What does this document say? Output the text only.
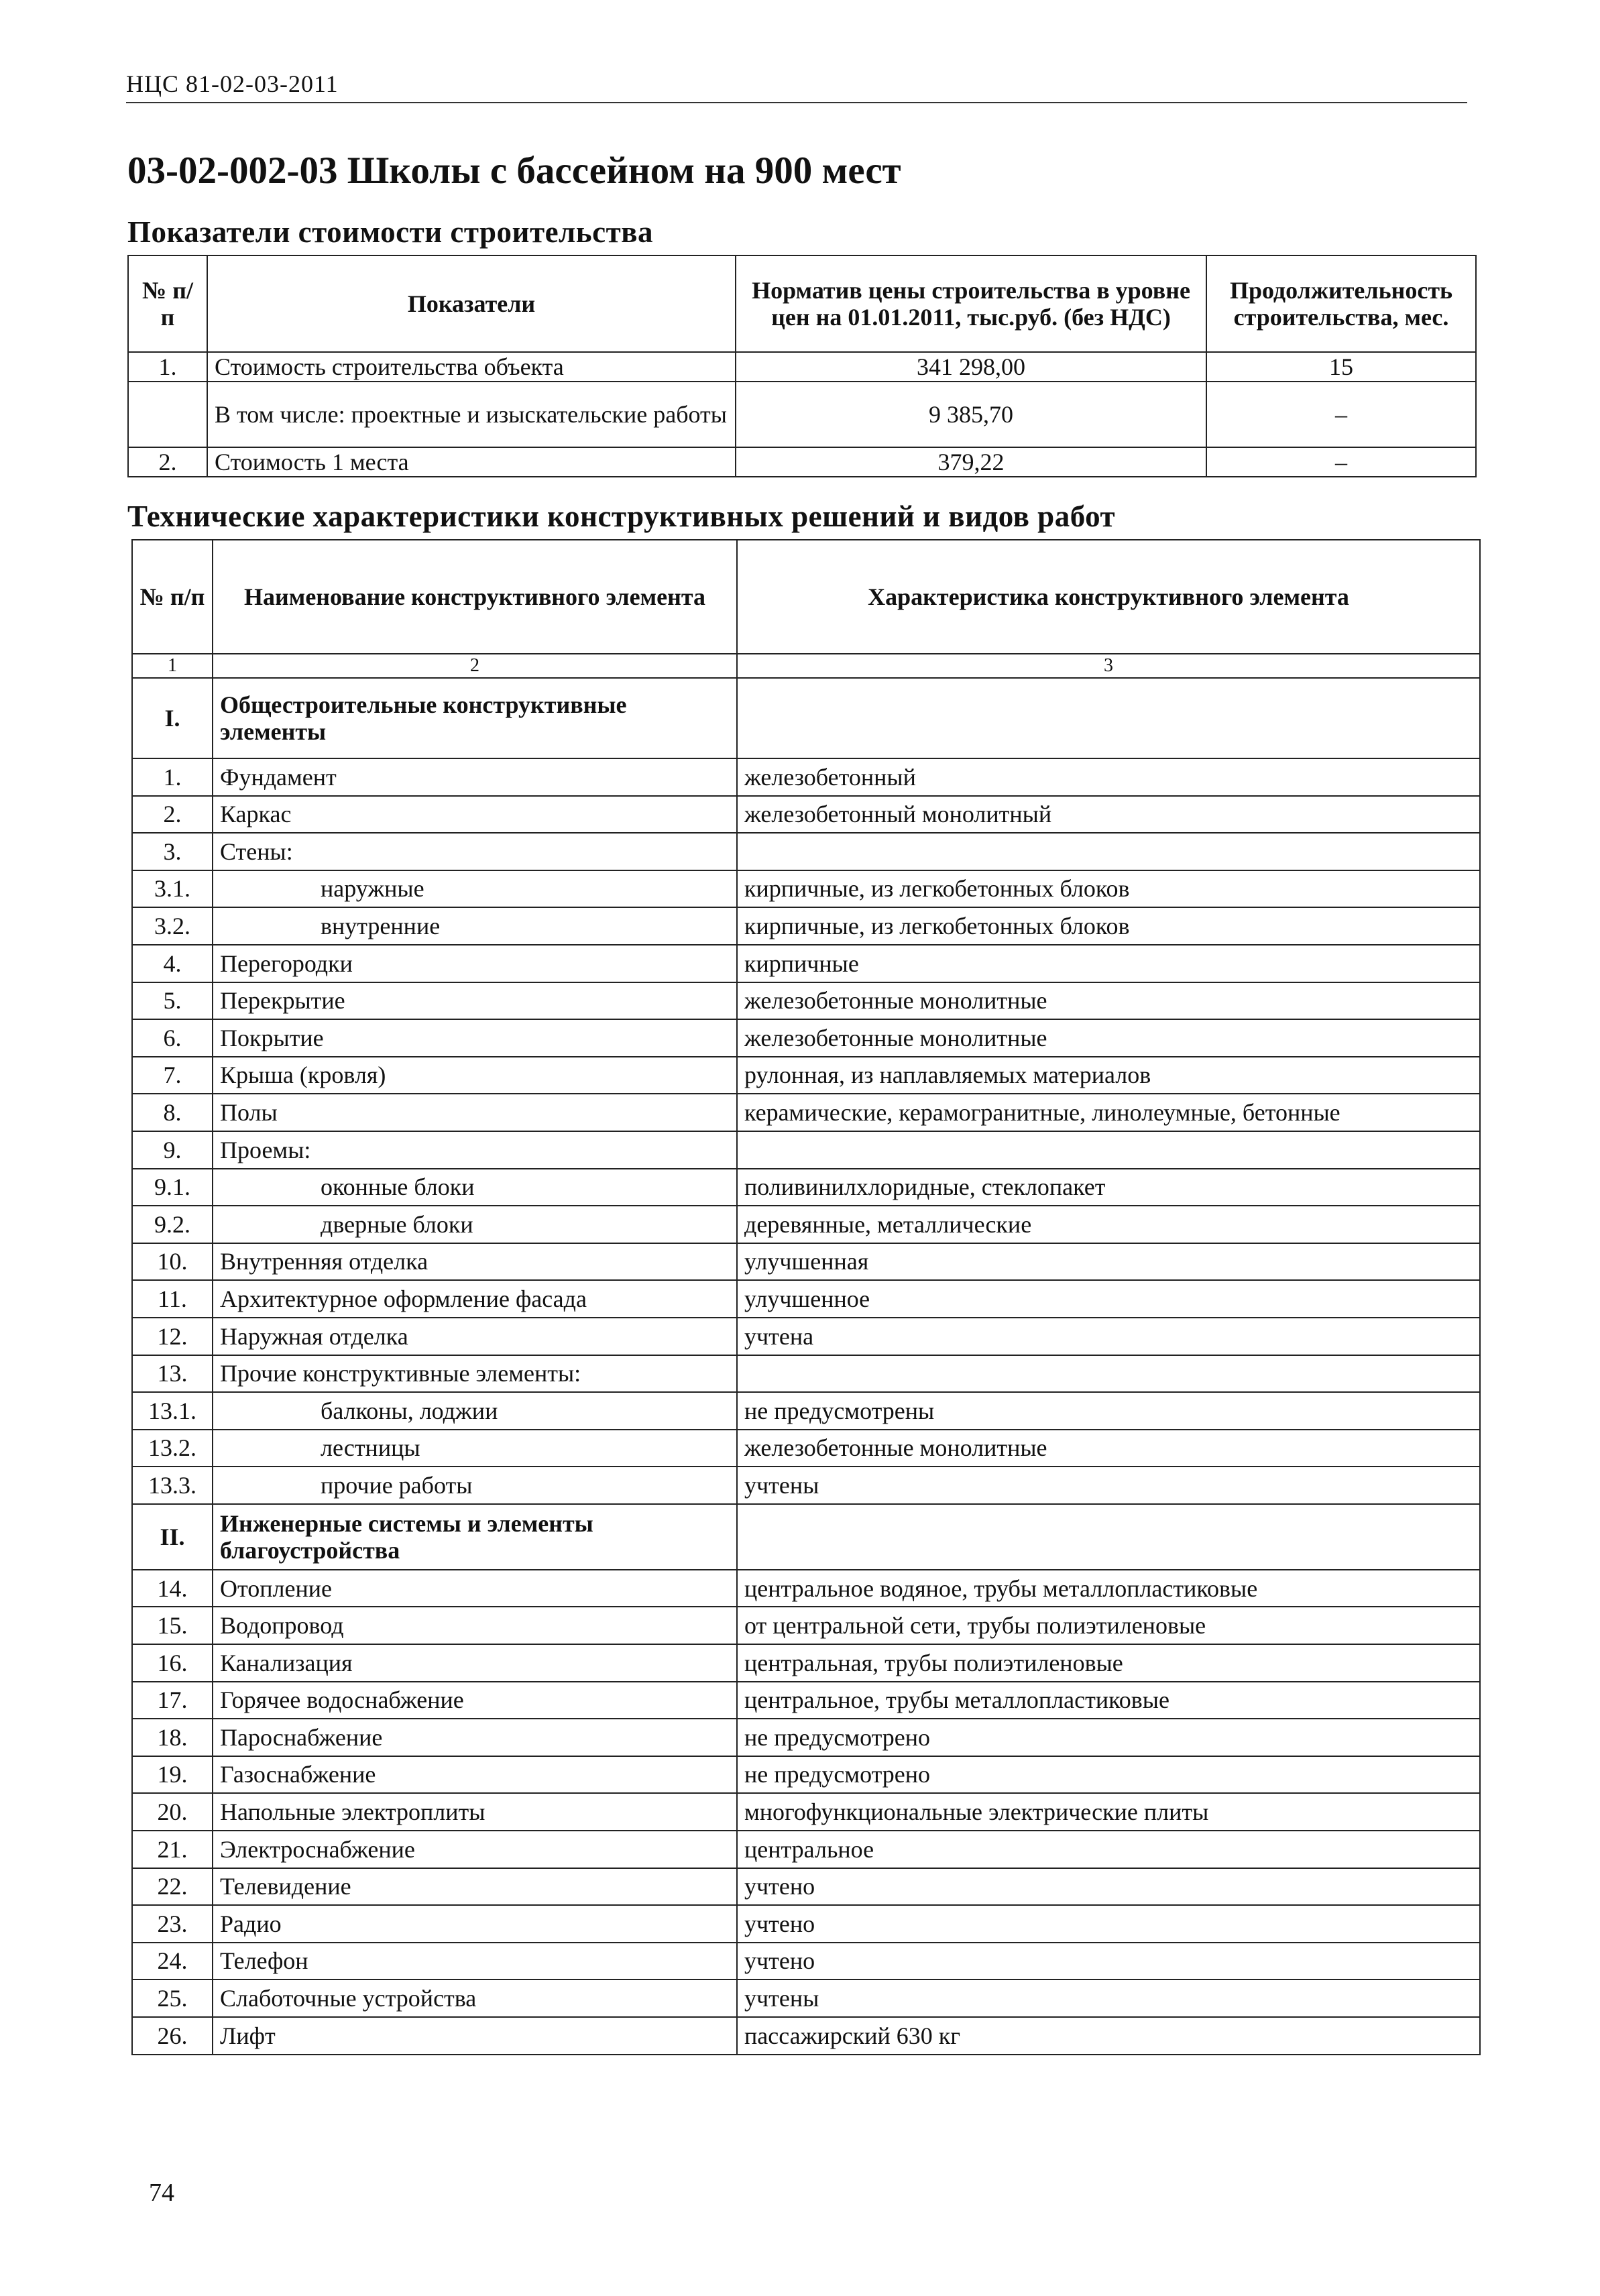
НЦС 81-02-03-2011
03-02-002-03 Школы с бассейном на 900 мест
Показатели стоимости строительства
№ п/п	Показатели	Норматив цены строительства в уровне цен на 01.01.2011, тыс.руб. (без НДС)	Продолжительность строительства, мес.
1.	Стоимость строительства объекта	341 298,00	15
	В том числе: проектные и изыскательские работы	9 385,70	–
2.	Стоимость 1 места	379,22	–
Технические характеристики конструктивных решений и видов работ
№ п/п	Наименование конструктивного элемента	Характеристика конструктивного элемента
1	2	3
I.	Общестроительные конструктивные элементы	
1.	Фундамент	железобетонный
2.	Каркас	железобетонный монолитный
3.	Стены:	
3.1.	наружные	кирпичные, из легкобетонных блоков
3.2.	внутренние	кирпичные, из легкобетонных блоков
4.	Перегородки	кирпичные
5.	Перекрытие	железобетонные монолитные
6.	Покрытие	железобетонные монолитные
7.	Крыша (кровля)	рулонная, из наплавляемых материалов
8.	Полы	керамические, керамогранитные, линолеумные, бетонные
9.	Проемы:	
9.1.	оконные блоки	поливинилхлоридные, стеклопакет
9.2.	дверные блоки	деревянные, металлические
10.	Внутренняя отделка	улучшенная
11.	Архитектурное оформление фасада	улучшенное
12.	Наружная отделка	учтена
13.	Прочие конструктивные элементы:	
13.1.	балконы, лоджии	не предусмотрены
13.2.	лестницы	железобетонные монолитные
13.3.	прочие работы	учтены
II.	Инженерные системы и элементы благоустройства	
14.	Отопление	центральное водяное, трубы металлопластиковые
15.	Водопровод	от центральной сети, трубы полиэтиленовые
16.	Канализация	центральная, трубы полиэтиленовые
17.	Горячее водоснабжение	центральное, трубы металлопластиковые
18.	Пароснабжение	не предусмотрено
19.	Газоснабжение	не предусмотрено
20.	Напольные электроплиты	многофункциональные электрические плиты
21.	Электроснабжение	центральное
22.	Телевидение	учтено
23.	Радио	учтено
24.	Телефон	учтено
25.	Слаботочные устройства	учтены
26.	Лифт	пассажирский 630 кг
74
